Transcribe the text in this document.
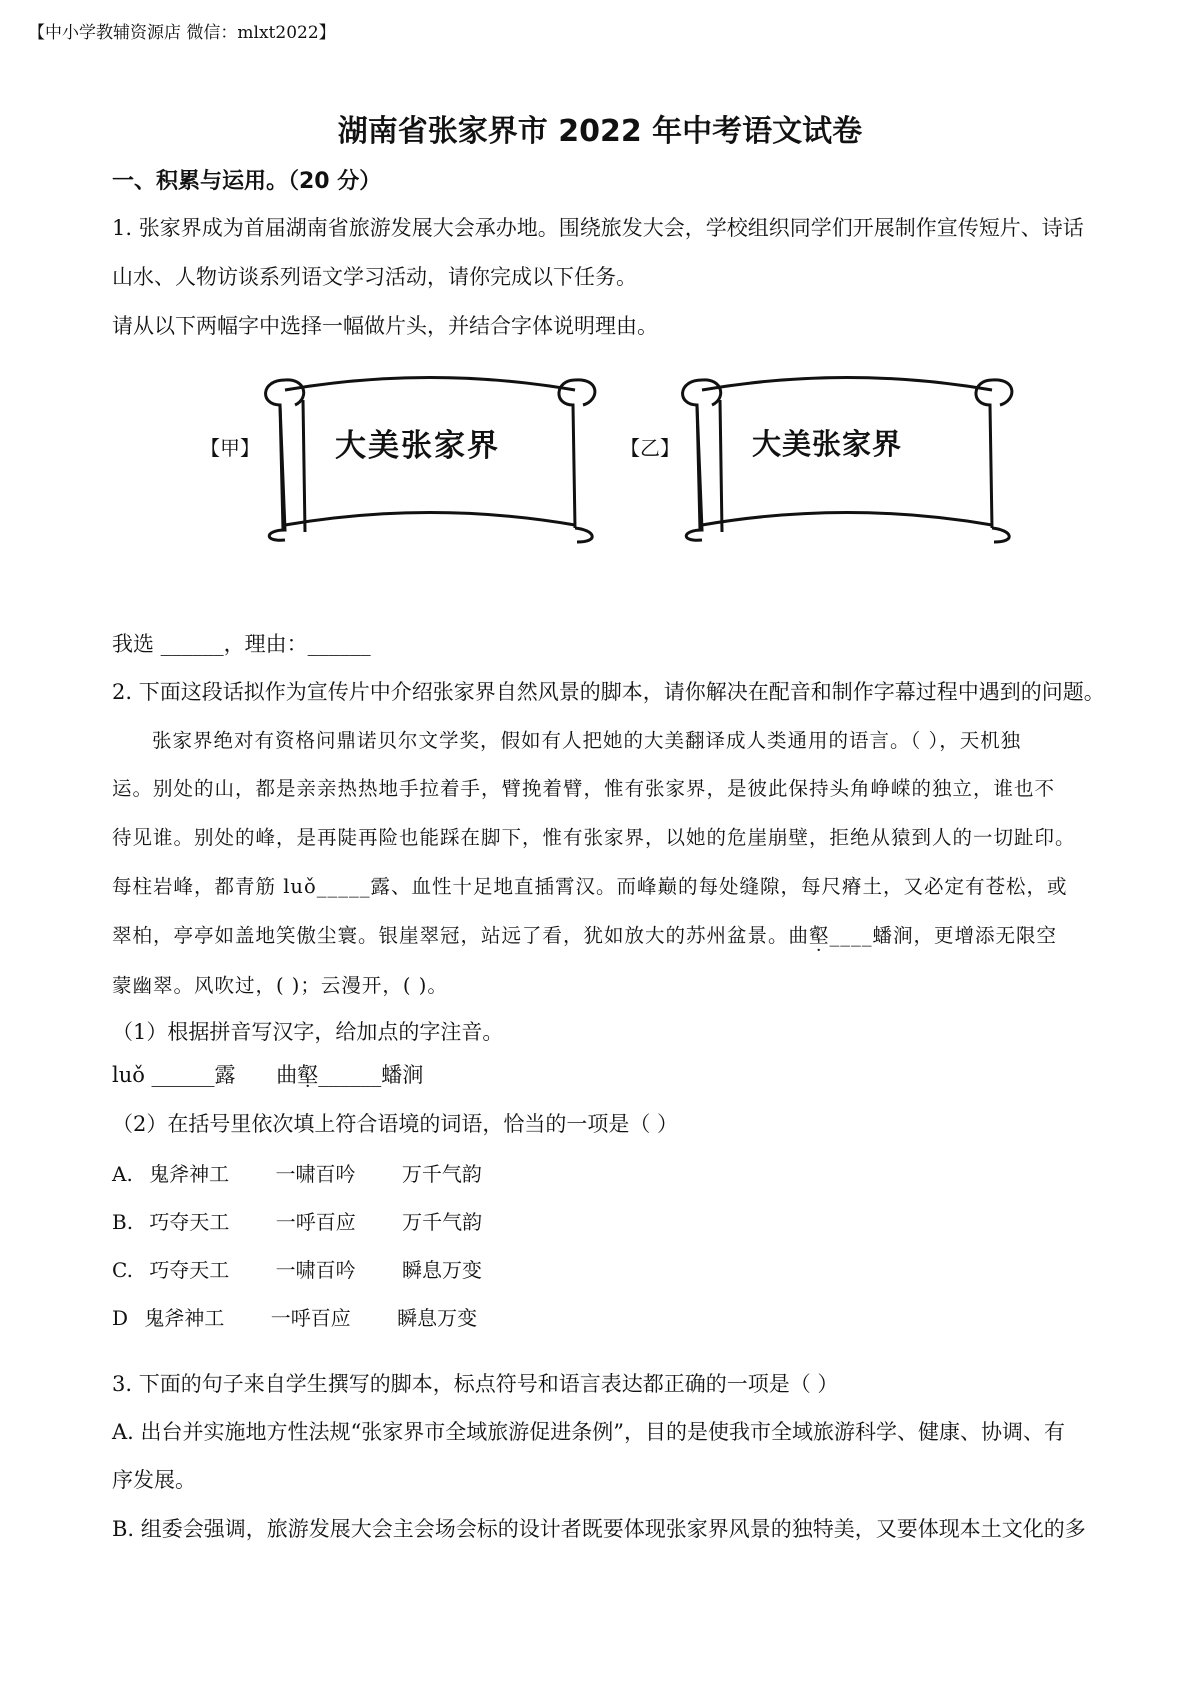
【中小学教辅资源店 微信：mlxt2022】
湖南省张家界市 2022 年中考语文试卷
一、积累与运用。（20 分）
1. 张家界成为首届湖南省旅游发展大会承办地。围绕旅发大会，学校组织同学们开展制作宣传短片、诗话
山水、人物访谈系列语文学习活动，请你完成以下任务。
请从以下两幅字中选择一幅做片头，并结合字体说明理由。
【甲】	【乙】
大美张家界	大美张家界
我选 ______，理由：______
2. 下面这段话拟作为宣传片中介绍张家界自然风景的脚本，请你解决在配音和制作字幕过程中遇到的问题。
张家界绝对有资格问鼎诺贝尔文学奖，假如有人把她的大美翻译成人类通用的语言。（ ），天机独
运。别处的山，都是亲亲热热地手拉着手，臂挽着臂，惟有张家界，是彼此保持头角峥嵘的独立，谁也不
待见谁。别处的峰，是再陡再险也能踩在脚下，惟有张家界，以她的危崖崩壁，拒绝从猿到人的一切趾印。
每柱岩峰，都青筋 luǒ_____露、血性十足地直插霄汉。而峰巅的每处缝隙，每尺瘠土，又必定有苍松，或
翠柏，亭亭如盖地笑傲尘寰。银崖翠冠，站远了看，犹如放大的苏州盆景。曲壑____蟠涧，更增添无限空
蒙幽翠。风吹过，( )；云漫开，( )。
（1）根据拼音写汉字，给加点的字注音。
luǒ ______露 曲壑______蟠涧
（2）在括号里依次填上符合语境的词语，恰当的一项是（ ）
A. 鬼斧神工 一啸百吟 万千气韵
B. 巧夺天工 一呼百应 万千气韵
C. 巧夺天工 一啸百吟 瞬息万变
D 鬼斧神工 一呼百应 瞬息万变
3. 下面的句子来自学生撰写的脚本，标点符号和语言表达都正确的一项是（ ）
A. 出台并实施地方性法规“张家界市全域旅游促进条例”，目的是使我市全域旅游科学、健康、协调、有
序发展。
B. 组委会强调，旅游发展大会主会场会标的设计者既要体现张家界风景的独特美，又要体现本土文化的多
